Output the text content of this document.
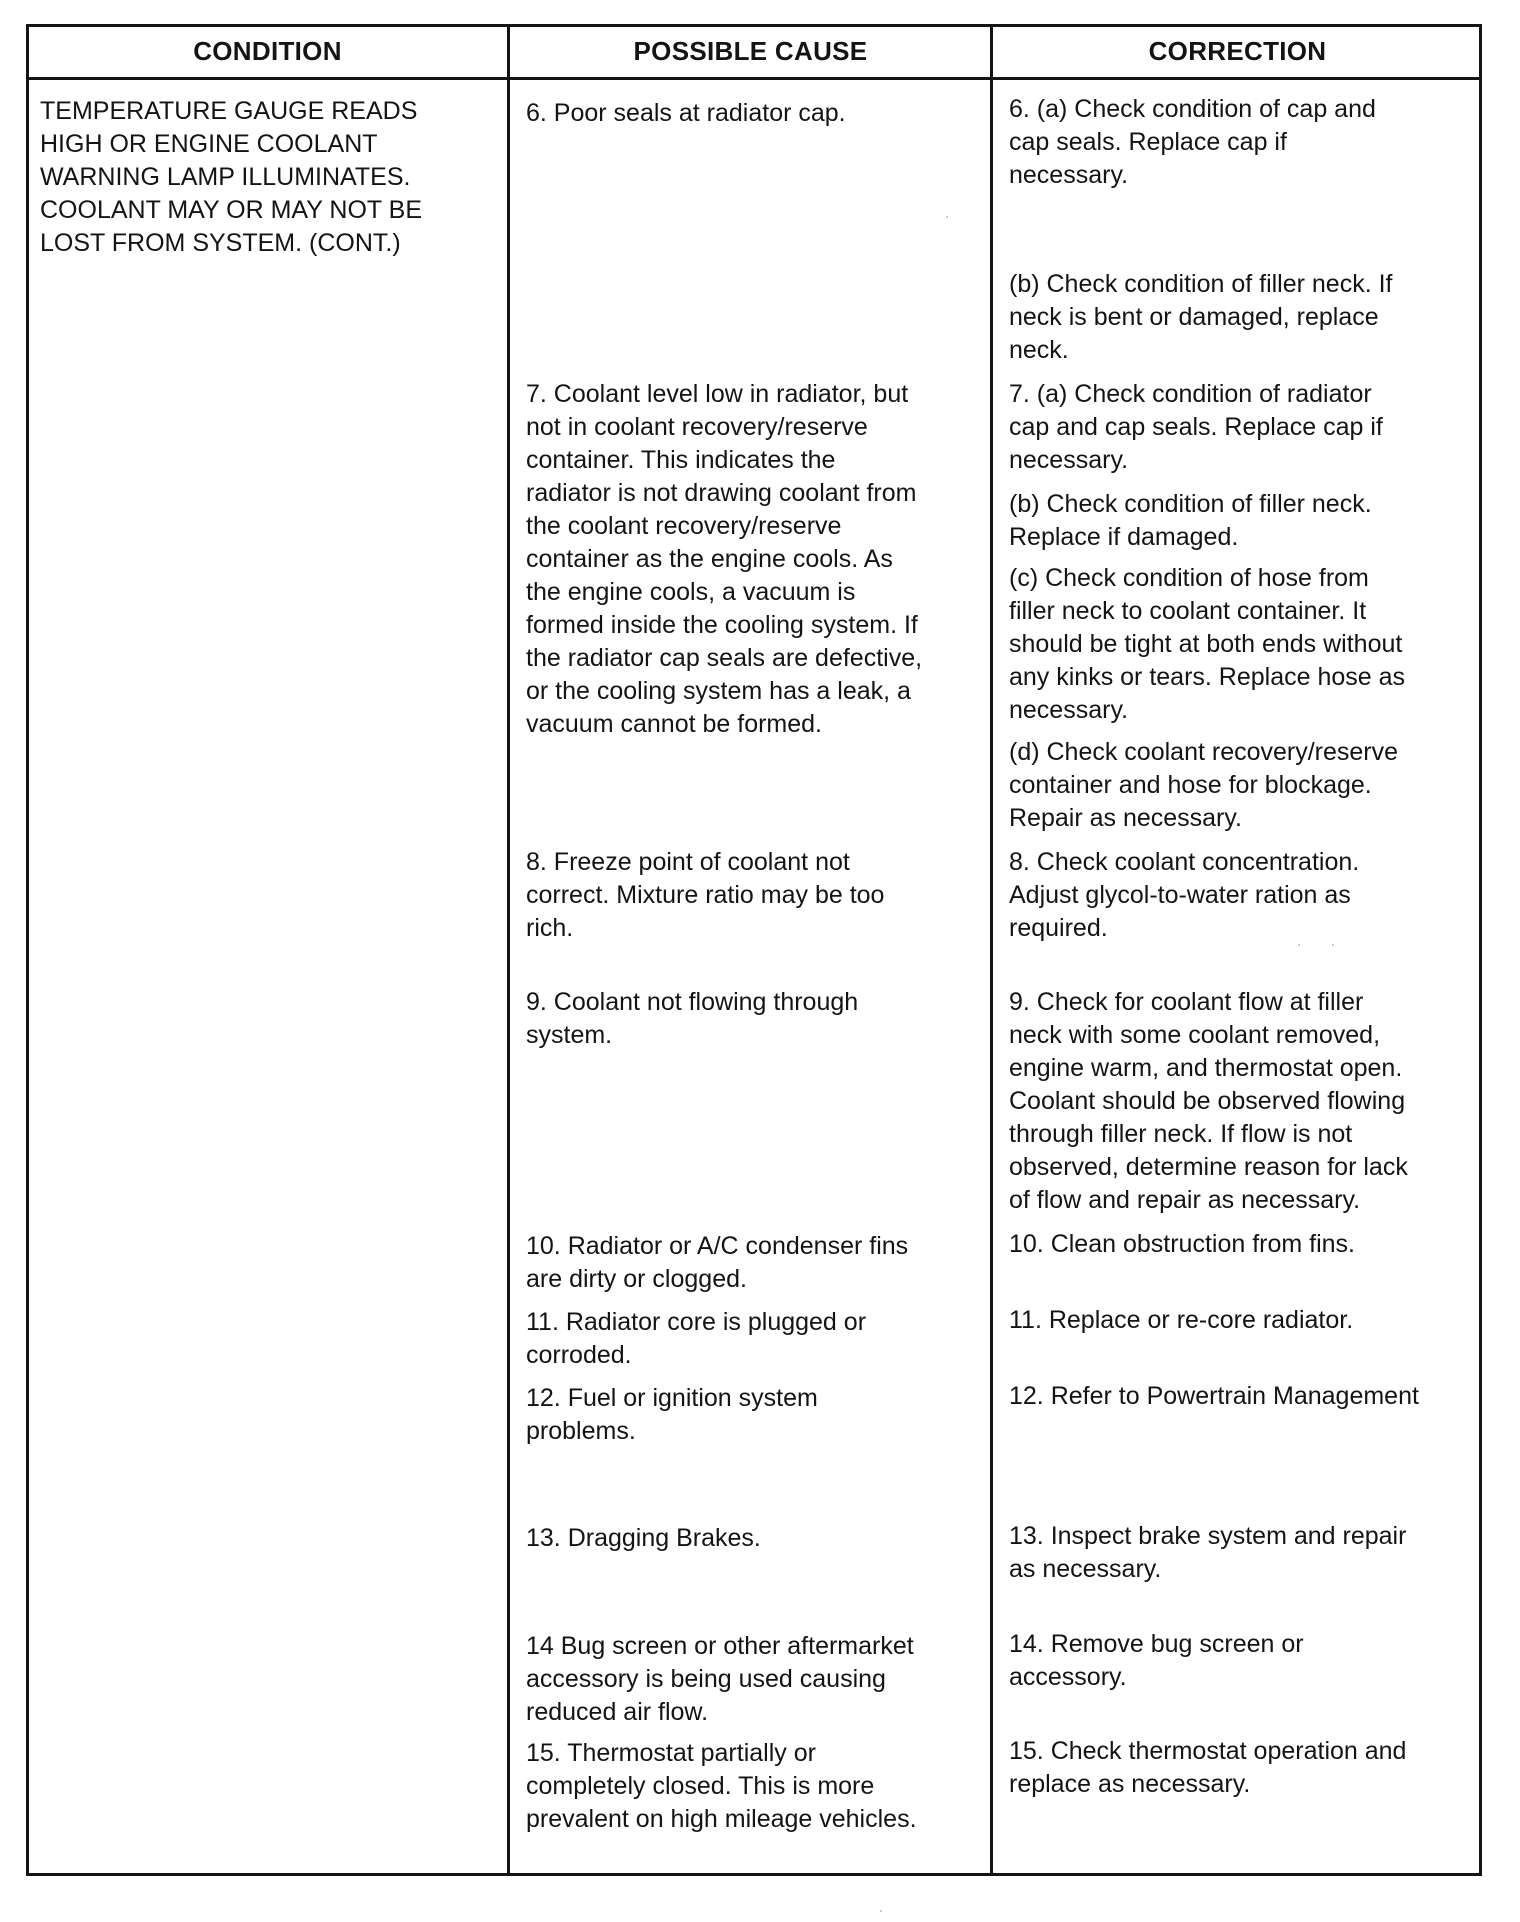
CONDITION	POSSIBLE CAUSE	CORRECTION
TEMPERATURE GAUGE READS
HIGH OR ENGINE COOLANT
WARNING LAMP ILLUMINATES.
COOLANT MAY OR MAY NOT BE
LOST FROM SYSTEM. (CONT.)
6. Poor seals at radiator cap.
7. Coolant level low in radiator, but
not in coolant recovery/reserve
container. This indicates the
radiator is not drawing coolant from
the coolant recovery/reserve
container as the engine cools. As
the engine cools, a vacuum is
formed inside the cooling system. If
the radiator cap seals are defective,
or the cooling system has a leak, a
vacuum cannot be formed.
8. Freeze point of coolant not
correct. Mixture ratio may be too
rich.
9. Coolant not flowing through
system.
10. Radiator or A/C condenser fins
are dirty or clogged.
11. Radiator core is plugged or
corroded.
12. Fuel or ignition system
problems.
13. Dragging Brakes.
14 Bug screen or other aftermarket
accessory is being used causing
reduced air flow.
15. Thermostat partially or
completely closed. This is more
prevalent on high mileage vehicles.
6. (a) Check condition of cap and
cap seals. Replace cap if
necessary.
(b) Check condition of filler neck. If
neck is bent or damaged, replace
neck.
7. (a) Check condition of radiator
cap and cap seals. Replace cap if
necessary.
(b) Check condition of filler neck.
Replace if damaged.
(c) Check condition of hose from
filler neck to coolant container. It
should be tight at both ends without
any kinks or tears. Replace hose as
necessary.
(d) Check coolant recovery/reserve
container and hose for blockage.
Repair as necessary.
8. Check coolant concentration.
Adjust glycol-to-water ration as
required.
9. Check for coolant flow at filler
neck with some coolant removed,
engine warm, and thermostat open.
Coolant should be observed flowing
through filler neck. If flow is not
observed, determine reason for lack
of flow and repair as necessary.
10. Clean obstruction from fins.
11. Replace or re-core radiator.
12. Refer to Powertrain Management
13. Inspect brake system and repair
as necessary.
14. Remove bug screen or
accessory.
15. Check thermostat operation and
replace as necessary.
